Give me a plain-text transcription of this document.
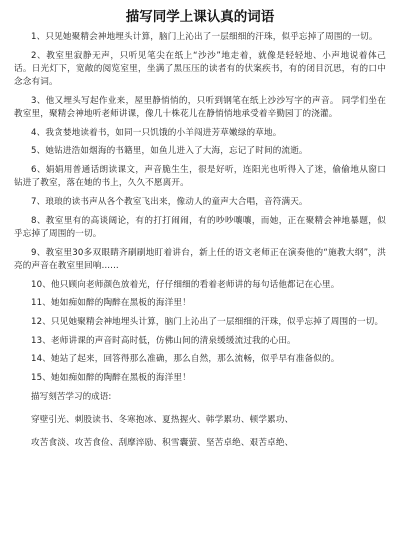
描写同学上课认真的词语
1、只见她聚精会神地埋头计算，脑门上沁出了一层细细的汗珠，似乎忘掉了周围的一切。
2、教室里寂静无声，只听见笔尖在纸上“沙沙”地走着，就像是轻轻地、小声地说着体己话。日光灯下，宽敞的阅览室里，坐满了黑压压的读者有的伏案疾书，有的闭目沉思，有的口中念念有词。
3、他又埋头写起作业来，屋里静悄悄的，只听到钢笔在纸上沙沙写字的声音。 同学们坐在教室里，聚精会神地听老师讲课，像几十株花儿在静悄悄地承受着辛勤园丁的浇灌。
4、我贪婪地读着书，如同一只饥饿的小羊闯进芳草嫩绿的草地。
5、她钻进浩如烟海的书籍里，如鱼儿进入了大海，忘记了时间的流逝。
6、娟娟用普通话朗读课文，声音脆生生，很是好听，连阳光也听得入了迷，偷偷地从窗口钻进了教室，落在她的书上，久久不愿离开。
7、琅琅的读书声从各个教室飞出来，像动人的童声大合唱，音符满天。
8、教室里有的高谈阔论，有的打打闹闹，有的吵吵嚷嚷，而她，正在聚精会神地暴题，似乎忘掉了周围的一切。
9、教室里30多双眼睛齐刷刷地盯着讲台，新上任的语文老师正在演奏他的“施教大纲”，洪亮的声音在教室里回响……
10、他只顾向老师颜色放着光，仔仔细细的看着老师讲的每句话他都记在心里。
11、她如痴如醉的陶醉在黑板的海洋里！
12、只见她聚精会神地埋头计算，脑门上沁出了一层细细的汗珠，似乎忘掉了周围的一切。
13、老师讲课的声音时高时低，仿佛山间的清泉缓缓流过我的心田。
14、她站了起来，回答得那么准确，那么自然，那么流畅，似乎早有准备似的。
15、她如痴如醉的陶醉在黑板的海洋里！
描写刻苦学习的成语:
穿壁引光、刺股读书、冬寒抱冰、夏热握火、韩学累功、顿学累功、
攻苦食淡、攻苦食俭、刮摩淬励、积雪囊萤、坚苦卓绝、艰苦卓绝、
